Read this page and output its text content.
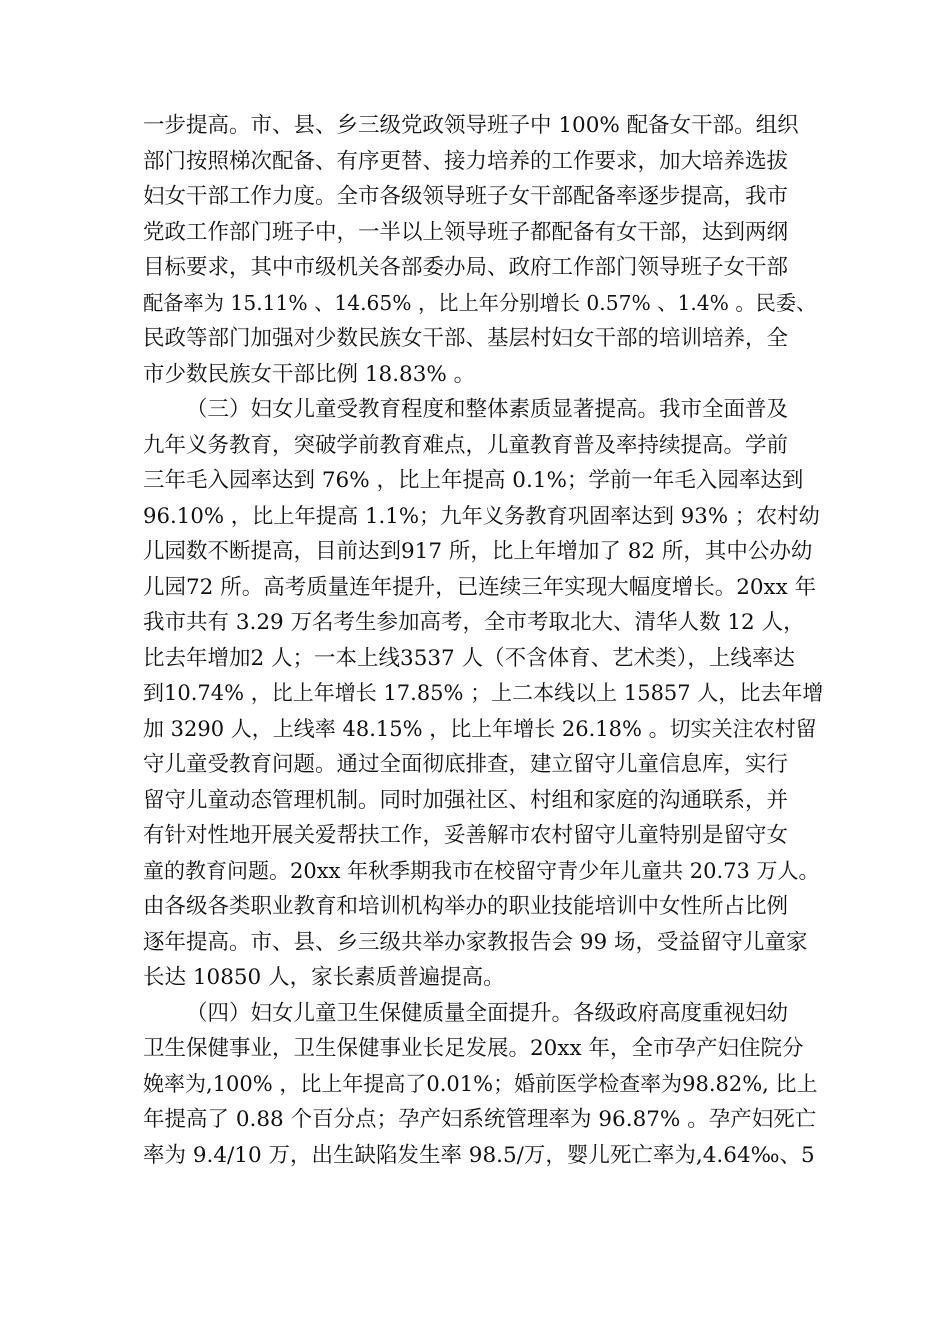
一步提高。市、县、乡三级党政领导班子中 100% 配备女干部。组织
部门按照梯次配备、有序更替、接力培养的工作要求，加大培养选拔
妇女干部工作力度。全市各级领导班子女干部配备率逐步提高，我市
党政工作部门班子中，一半以上领导班子都配备有女干部，达到两纲
目标要求，其中市级机关各部委办局、政府工作部门领导班子女干部
配备率为 15.11% 、14.65% ，比上年分别增长 0.57% 、1.4% 。民委、
民政等部门加强对少数民族女干部、基层村妇女干部的培训培养，全
市少数民族女干部比例 18.83% 。
（三）妇女儿童受教育程度和整体素质显著提高。我市全面普及
九年义务教育，突破学前教育难点，儿童教育普及率持续提高。学前
三年毛入园率达到 76% ，比上年提高 0.1%；学前一年毛入园率达到
96.10% ，比上年提高 1.1%；九年义务教育巩固率达到 93% ；农村幼
儿园数不断提高，目前达到917 所，比上年增加了 82 所，其中公办幼
儿园72 所。高考质量连年提升，已连续三年实现大幅度增长。20xx 年
我市共有 3.29 万名考生参加高考，全市考取北大、清华人数 12 人，
比去年增加2 人；一本上线3537 人（不含体育、艺术类），上线率达
到10.74% ，比上年增长 17.85% ；上二本线以上 15857 人，比去年增
加 3290 人，上线率 48.15% ，比上年增长 26.18% 。切实关注农村留
守儿童受教育问题。通过全面彻底排查，建立留守儿童信息库，实行
留守儿童动态管理机制。同时加强社区、村组和家庭的沟通联系，并
有针对性地开展关爱帮扶工作，妥善解市农村留守儿童特别是留守女
童的教育问题。20xx 年秋季期我市在校留守青少年儿童共 20.73 万人。
由各级各类职业教育和培训机构举办的职业技能培训中女性所占比例
逐年提高。市、县、乡三级共举办家教报告会 99 场，受益留守儿童家
长达 10850 人，家长素质普遍提高。
（四）妇女儿童卫生保健质量全面提升。各级政府高度重视妇幼
卫生保健事业，卫生保健事业长足发展。20xx 年，全市孕产妇住院分
娩率为,100% ，比上年提高了0.01%；婚前医学检查率为98.82%, 比上
年提高了 0.88 个百分点；孕产妇系统管理率为 96.87% 。孕产妇死亡
率为 9.4/10 万，出生缺陷发生率 98.5/万，婴儿死亡率为,4.64‰、5
